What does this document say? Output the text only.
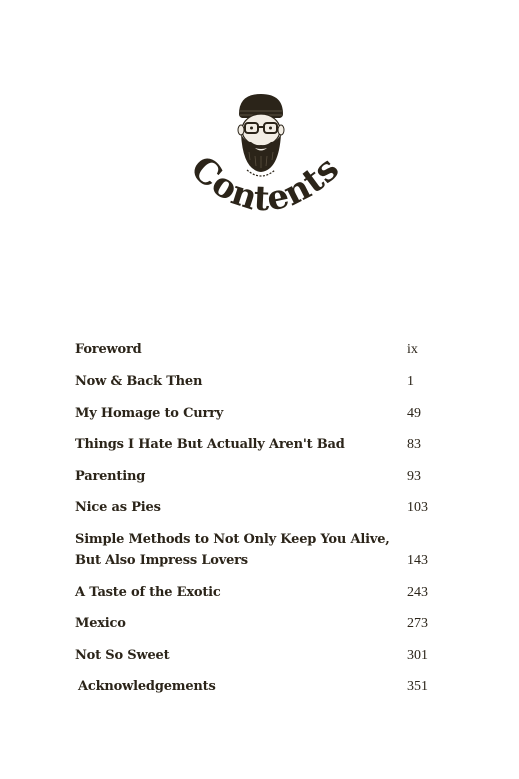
Contents
Foreword	ix
Now & Back Then	1
My Homage to Curry	49
Things I Hate But Actually Aren't Bad	83
Parenting	93
Nice as Pies	103
Simple Methods to Not Only Keep You Alive,
But Also Impress Lovers	143
A Taste of the Exotic	243
Mexico	273
Not So Sweet	301
Acknowledgements	351
